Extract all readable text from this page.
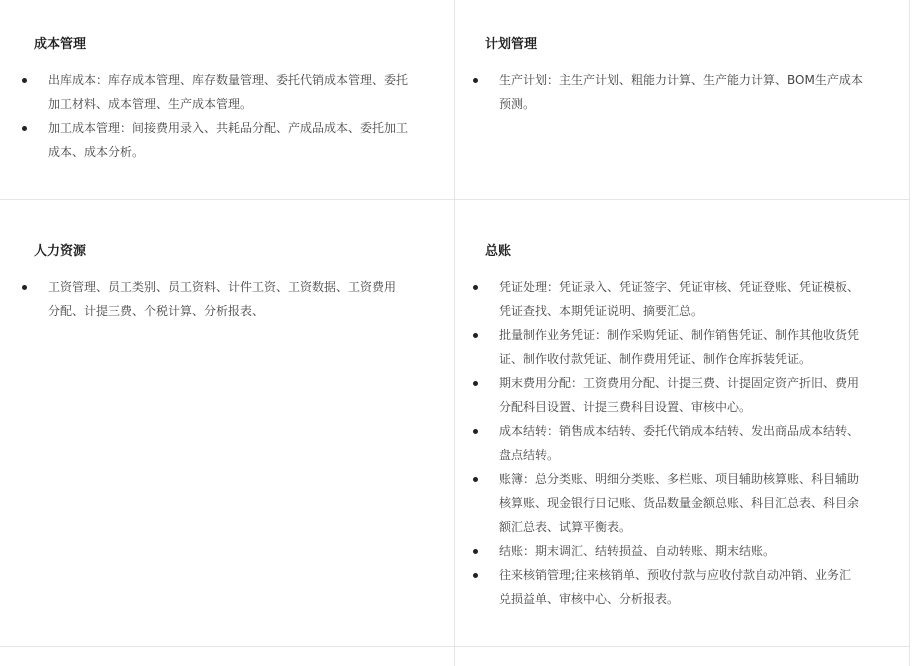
成本管理
出库成本：库存成本管理、库存数量管理、委托代销成本管理、委托加工材料、成本管理、生产成本管理。
加工成本管理：间接费用录入、共耗品分配、产成品成本、委托加工成本、成本分析。
计划管理
生产计划：主生产计划、粗能力计算、生产能力计算、BOM生产成本预测。
人力资源
工资管理、员工类别、员工资料、计件工资、工资数据、工资费用分配、计提三费、个税计算、分析报表、
总账
凭证处理：凭证录入、凭证签字、凭证审核、凭证登账、凭证模板、凭证查找、本期凭证说明、摘要汇总。
批量制作业务凭证：制作采购凭证、制作销售凭证、制作其他收货凭证、制作收付款凭证、制作费用凭证、制作仓库拆装凭证。
期末费用分配：工资费用分配、计提三费、计提固定资产折旧、费用分配科目设置、计提三费科目设置、审核中心。
成本结转：销售成本结转、委托代销成本结转、发出商品成本结转、盘点结转。
账簿：总分类账、明细分类账、多栏账、项目辅助核算账、科目辅助核算账、现金银行日记账、货品数量金额总账、科目汇总表、科目余额汇总表、试算平衡表。
结账：期末调汇、结转损益、自动转账、期末结账。
往来核销管理;往来核销单、预收付款与应收付款自动冲销、业务汇兑损益单、审核中心、分析报表。
